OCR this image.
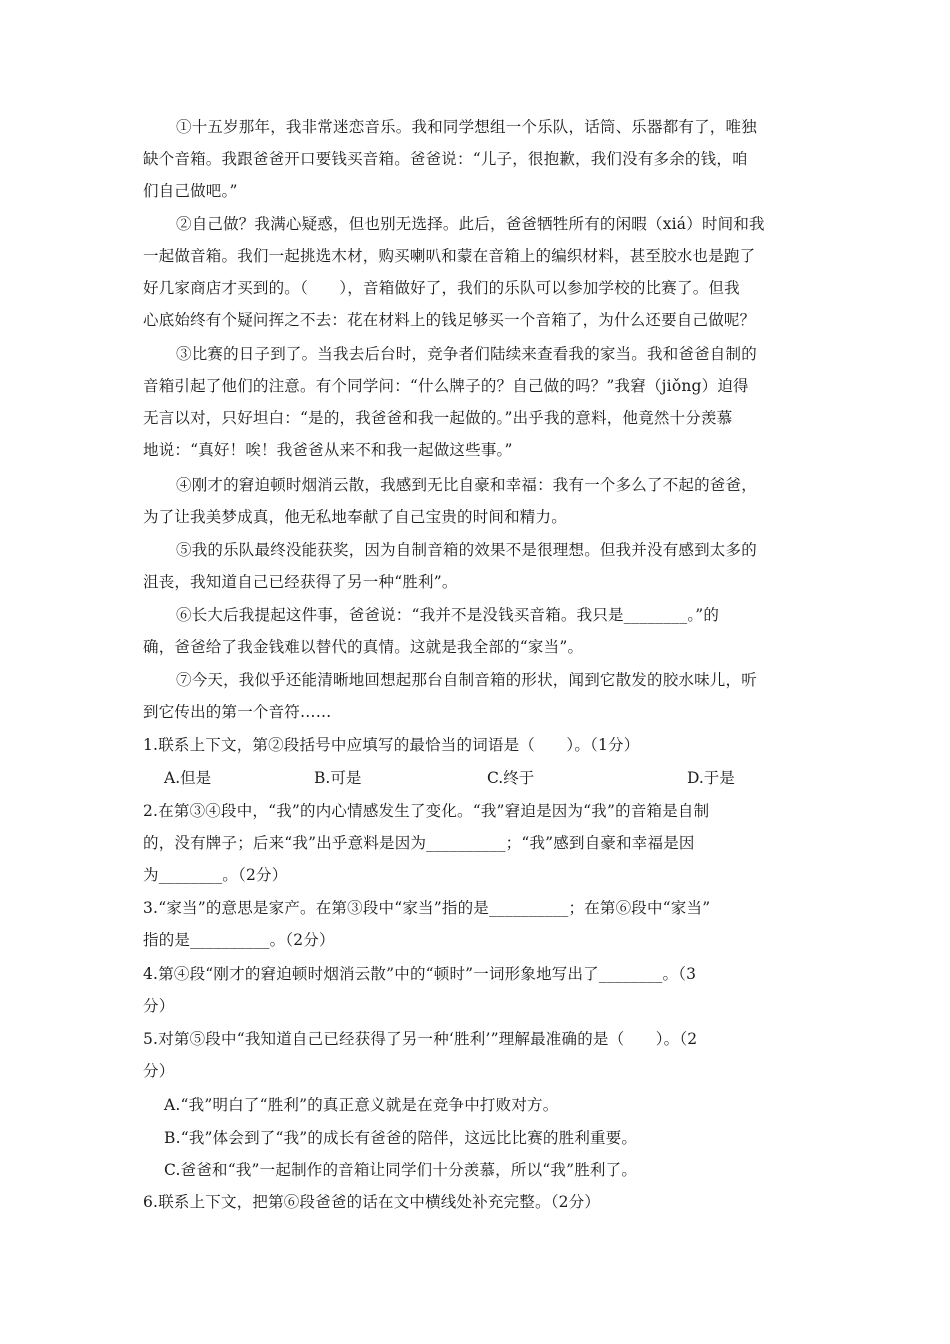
①十五岁那年，我非常迷恋音乐。我和同学想组一个乐队，话筒、乐器都有了，唯独
缺个音箱。我跟爸爸开口要钱买音箱。爸爸说：“儿子，很抱歉，我们没有多余的钱，咱
们自己做吧。”
②自己做？我满心疑惑，但也别无选择。此后，爸爸牺牲所有的闲暇（xiá）时间和我
一起做音箱。我们一起挑选木材，购买喇叭和蒙在音箱上的编织材料，甚至胶水也是跑了
好几家商店才买到的。（　　），音箱做好了，我们的乐队可以参加学校的比赛了。但我
心底始终有个疑问挥之不去：花在材料上的钱足够买一个音箱了，为什么还要自己做呢？
③比赛的日子到了。当我去后台时，竞争者们陆续来查看我的家当。我和爸爸自制的
音箱引起了他们的注意。有个同学问：“什么牌子的？自己做的吗？”我窘（jiǒng）迫得
无言以对，只好坦白：“是的，我爸爸和我一起做的。”出乎我的意料，他竟然十分羡慕
地说：“真好！唉！我爸爸从来不和我一起做这些事。”
④刚才的窘迫顿时烟消云散，我感到无比自豪和幸福：我有一个多么了不起的爸爸，
为了让我美梦成真，他无私地奉献了自己宝贵的时间和精力。
⑤我的乐队最终没能获奖，因为自制音箱的效果不是很理想。但我并没有感到太多的
沮丧，我知道自己已经获得了另一种“胜利”。
⑥长大后我提起这件事，爸爸说：“我并不是没钱买音箱。我只是________。”的
确，爸爸给了我金钱难以替代的真情。这就是我全部的“家当”。
⑦今天，我似乎还能清晰地回想起那台自制音箱的形状，闻到它散发的胶水味儿，听
到它传出的第一个音符……
1.联系上下文，第②段括号中应填写的最恰当的词语是（　　）。（1分）
A.但是	B.可是	C.终于	D.于是
2.在第③④段中，“我”的内心情感发生了变化。“我”窘迫是因为“我”的音箱是自制
的，没有牌子；后来“我”出乎意料是因为__________；“我”感到自豪和幸福是因
为________。（2分）
3.“家当”的意思是家产。在第③段中“家当”指的是__________；在第⑥段中“家当”
指的是__________。（2分）
4.第④段“刚才的窘迫顿时烟消云散”中的“顿时”一词形象地写出了________。（3
分）
5.对第⑤段中“我知道自己已经获得了另一种‘胜利’”理解最准确的是（　　）。（2
分）
A.“我”明白了“胜利”的真正意义就是在竞争中打败对方。
B.“我”体会到了“我”的成长有爸爸的陪伴，这远比比赛的胜利重要。
C.爸爸和“我”一起制作的音箱让同学们十分羡慕，所以“我”胜利了。
6.联系上下文，把第⑥段爸爸的话在文中横线处补充完整。（2分）
